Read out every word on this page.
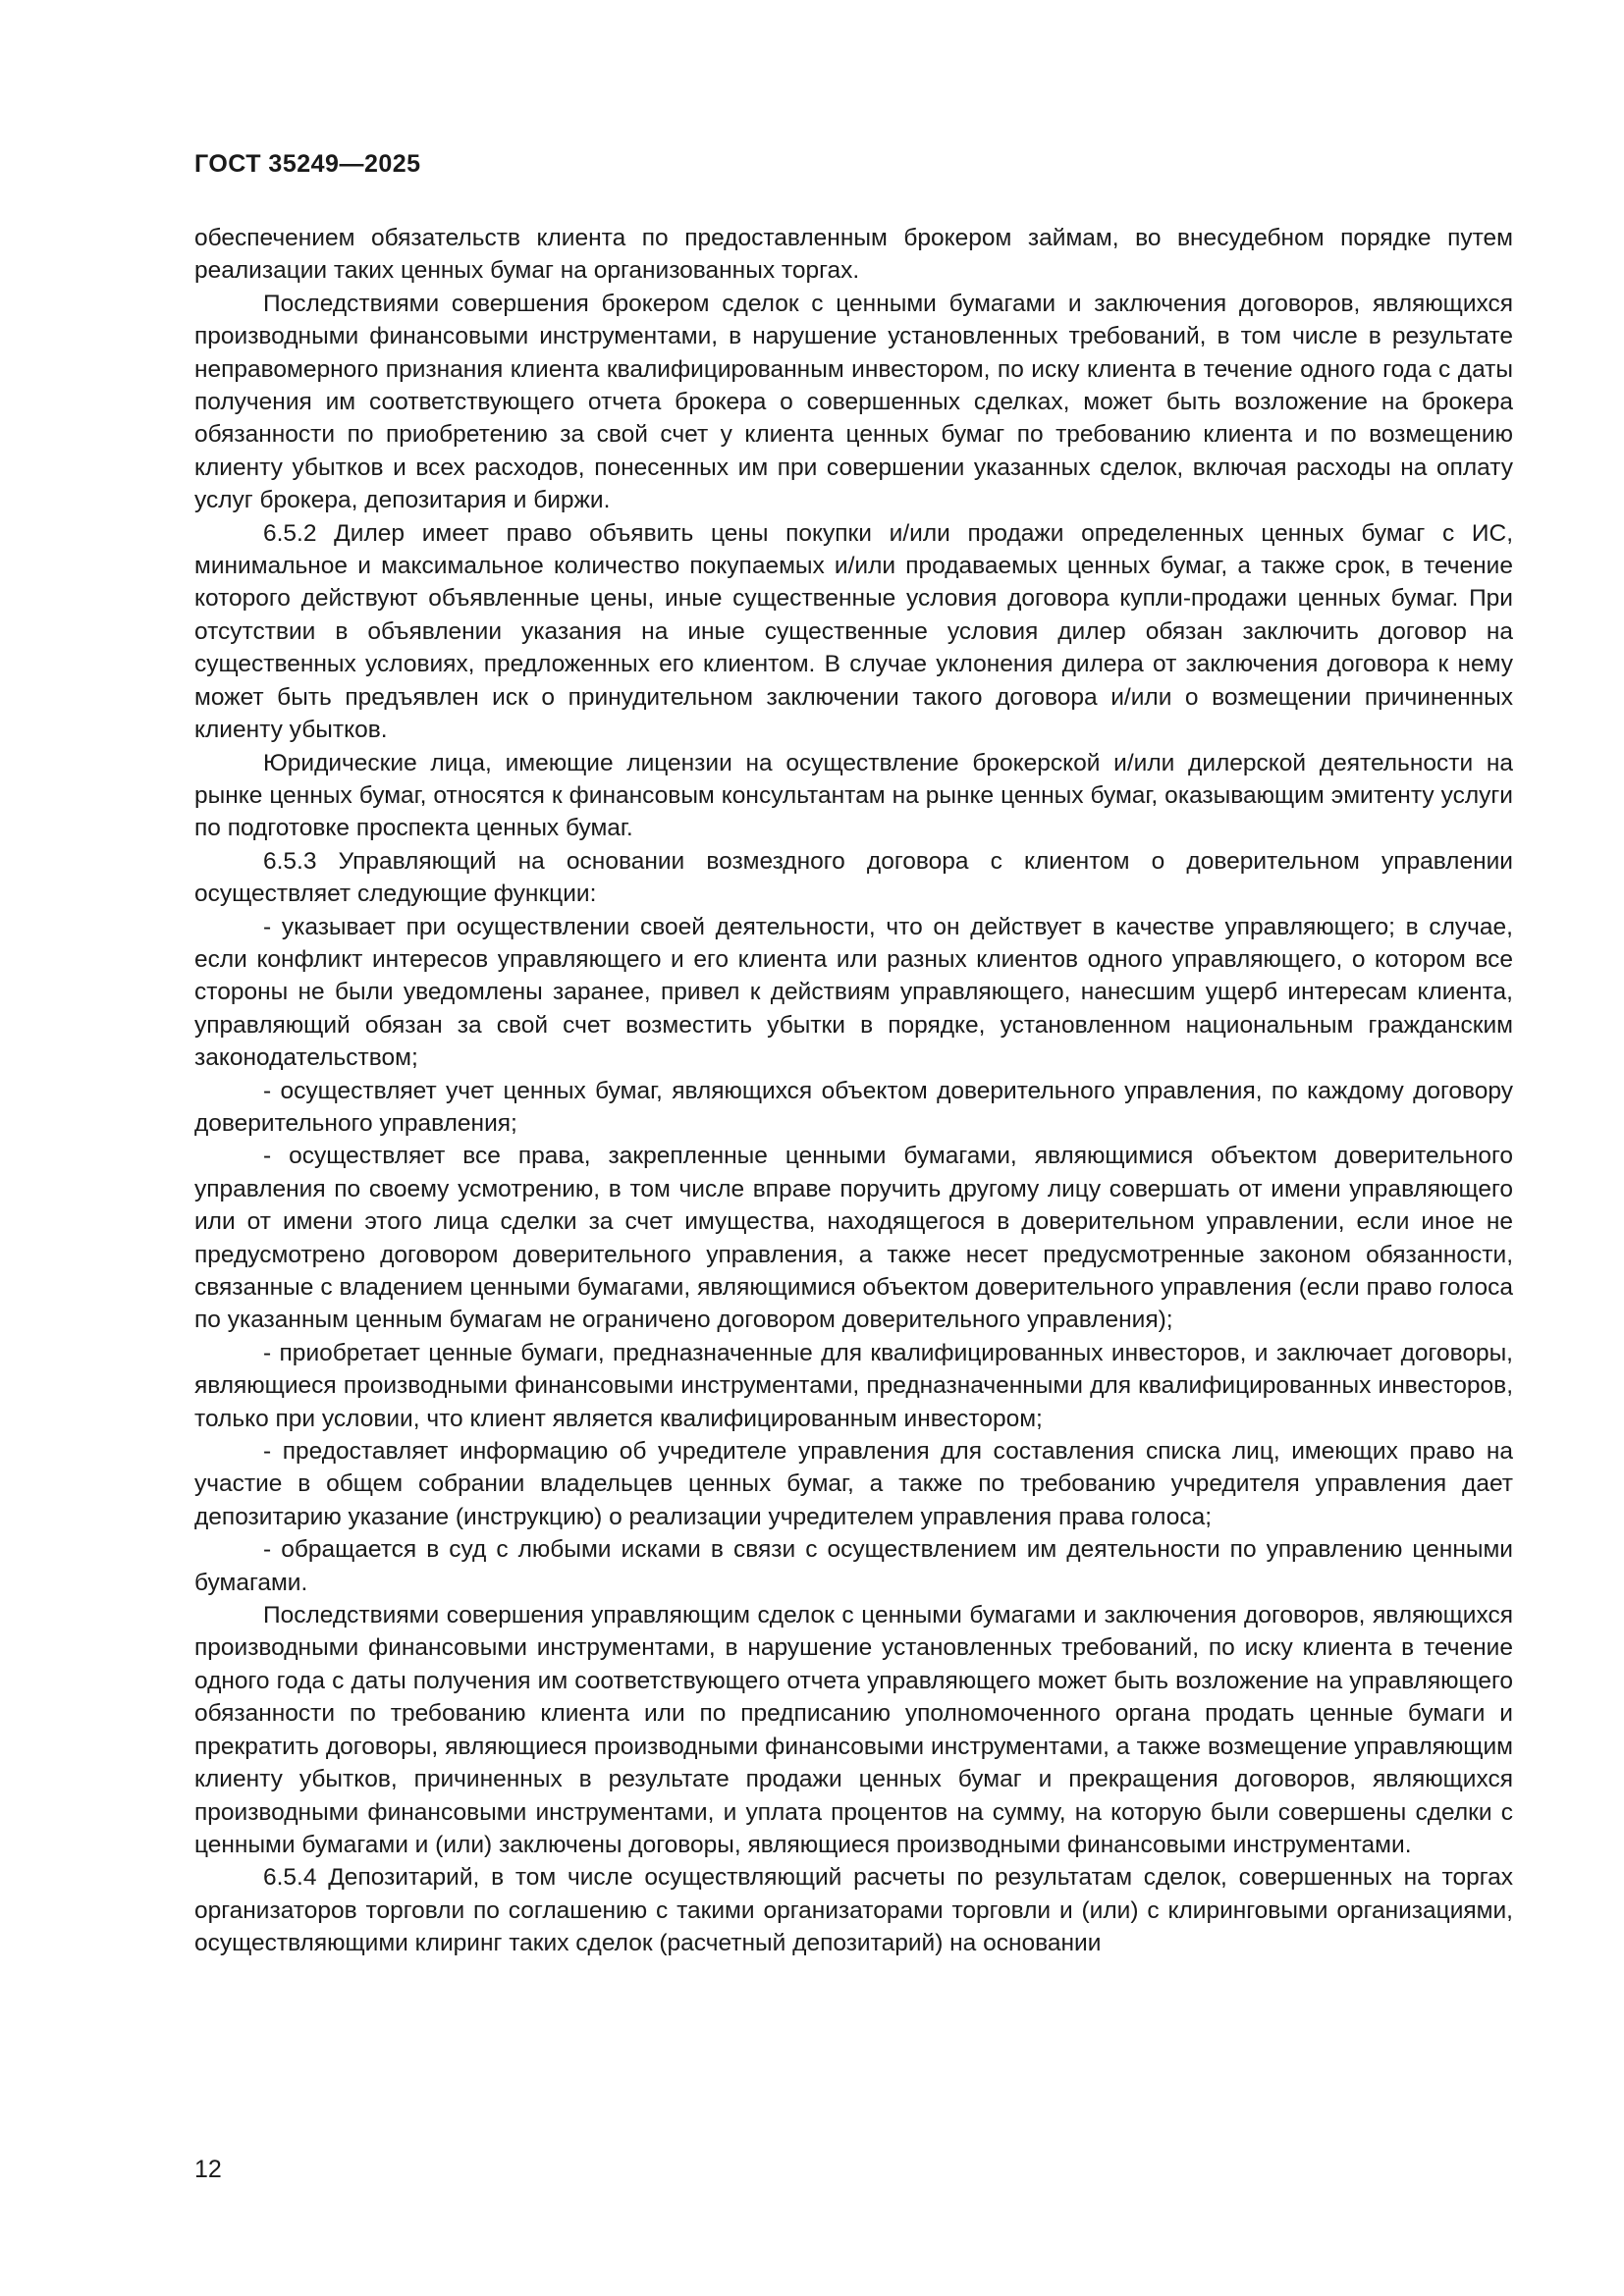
ГОСТ 35249—2025

обеспечением обязательств клиента по предоставленным брокером займам, во внесудебном порядке путем реализации таких ценных бумаг на организованных торгах.

Последствиями совершения брокером сделок с ценными бумагами и заключения договоров, являющихся производными финансовыми инструментами, в нарушение установленных требований, в том числе в результате неправомерного признания клиента квалифицированным инвестором, по иску клиента в течение одного года с даты получения им соответствующего отчета брокера о совершенных сделках, может быть возложение на брокера обязанности по приобретению за свой счет у клиента ценных бумаг по требованию клиента и по возмещению клиенту убытков и всех расходов, понесенных им при совершении указанных сделок, включая расходы на оплату услуг брокера, депозитария и биржи.

6.5.2 Дилер имеет право объявить цены покупки и/или продажи определенных ценных бумаг с ИС, минимальное и максимальное количество покупаемых и/или продаваемых ценных бумаг, а также срок, в течение которого действуют объявленные цены, иные существенные условия договора купли-продажи ценных бумаг. При отсутствии в объявлении указания на иные существенные условия дилер обязан заключить договор на существенных условиях, предложенных его клиентом. В случае уклонения дилера от заключения договора к нему может быть предъявлен иск о принудительном заключении такого договора и/или о возмещении причиненных клиенту убытков.

Юридические лица, имеющие лицензии на осуществление брокерской и/или дилерской деятельности на рынке ценных бумаг, относятся к финансовым консультантам на рынке ценных бумаг, оказывающим эмитенту услуги по подготовке проспекта ценных бумаг.

6.5.3 Управляющий на основании возмездного договора с клиентом о доверительном управлении осуществляет следующие функции:

- указывает при осуществлении своей деятельности, что он действует в качестве управляющего; в случае, если конфликт интересов управляющего и его клиента или разных клиентов одного управляющего, о котором все стороны не были уведомлены заранее, привел к действиям управляющего, нанесшим ущерб интересам клиента, управляющий обязан за свой счет возместить убытки в порядке, установленном национальным гражданским законодательством;

- осуществляет учет ценных бумаг, являющихся объектом доверительного управления, по каждому договору доверительного управления;

- осуществляет все права, закрепленные ценными бумагами, являющимися объектом доверительного управления по своему усмотрению, в том числе вправе поручить другому лицу совершать от имени управляющего или от имени этого лица сделки за счет имущества, находящегося в доверительном управлении, если иное не предусмотрено договором доверительного управления, а также несет предусмотренные законом обязанности, связанные с владением ценными бумагами, являющимися объектом доверительного управления (если право голоса по указанным ценным бумагам не ограничено договором доверительного управления);

- приобретает ценные бумаги, предназначенные для квалифицированных инвесторов, и заключает договоры, являющиеся производными финансовыми инструментами, предназначенными для квалифицированных инвесторов, только при условии, что клиент является квалифицированным инвестором;

- предоставляет информацию об учредителе управления для составления списка лиц, имеющих право на участие в общем собрании владельцев ценных бумаг, а также по требованию учредителя управления дает депозитарию указание (инструкцию) о реализации учредителем управления права голоса;

- обращается в суд с любыми исками в связи с осуществлением им деятельности по управлению ценными бумагами.

Последствиями совершения управляющим сделок с ценными бумагами и заключения договоров, являющихся производными финансовыми инструментами, в нарушение установленных требований, по иску клиента в течение одного года с даты получения им соответствующего отчета управляющего может быть возложение на управляющего обязанности по требованию клиента или по предписанию уполномоченного органа продать ценные бумаги и прекратить договоры, являющиеся производными финансовыми инструментами, а также возмещение управляющим клиенту убытков, причиненных в результате продажи ценных бумаг и прекращения договоров, являющихся производными финансовыми инструментами, и уплата процентов на сумму, на которую были совершены сделки с ценными бумагами и (или) заключены договоры, являющиеся производными финансовыми инструментами.

6.5.4 Депозитарий, в том числе осуществляющий расчеты по результатам сделок, совершенных на торгах организаторов торговли по соглашению с такими организаторами торговли и (или) с клиринговыми организациями, осуществляющими клиринг таких сделок (расчетный депозитарий) на основании

12
